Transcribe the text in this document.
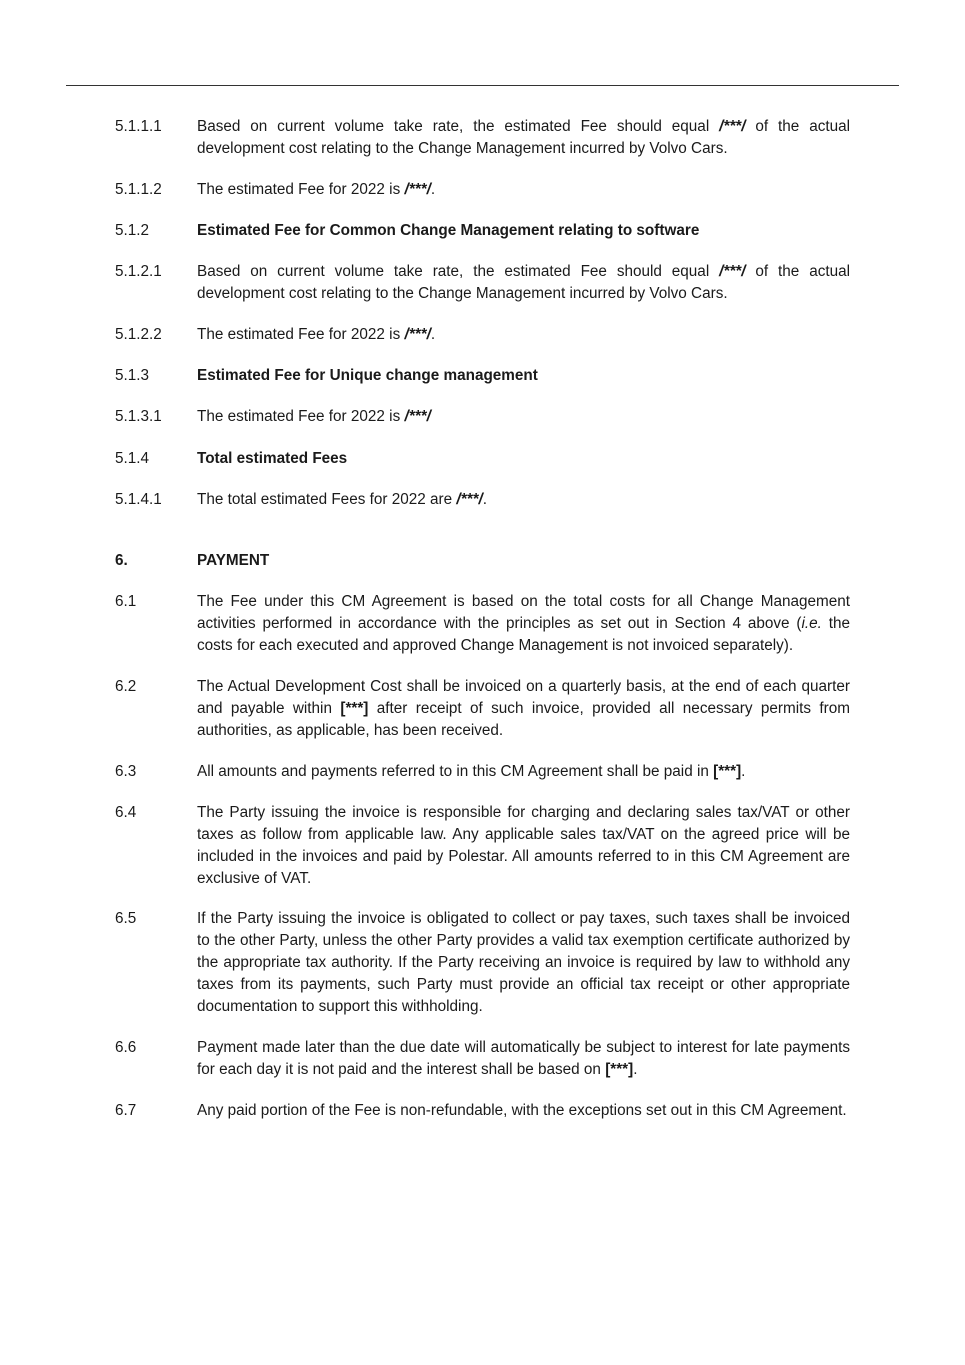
5.1.1.1 Based on current volume take rate, the estimated Fee should equal /***/ of the actual development cost relating to the Change Management incurred by Volvo Cars.
5.1.1.2 The estimated Fee for 2022 is /***/.
5.1.2	Estimated Fee for Common Change Management relating to software
5.1.2.1 Based on current volume take rate, the estimated Fee should equal /***/ of the actual development cost relating to the Change Management incurred by Volvo Cars.
5.1.2.2 The estimated Fee for 2022 is /***/.
5.1.3	Estimated Fee for Unique change management
5.1.3.1 The estimated Fee for 2022 is /***/
5.1.4	Total estimated Fees
5.1.4.1 The total estimated Fees for 2022 are /***/.
6.	PAYMENT
6.1	The Fee under this CM Agreement is based on the total costs for all Change Management activities performed in accordance with the principles as set out in Section 4 above (i.e. the costs for each executed and approved Change Management is not invoiced separately).
6.2	The Actual Development Cost shall be invoiced on a quarterly basis, at the end of each quarter and payable within [***] after receipt of such invoice, provided all necessary permits from authorities, as applicable, has been received.
6.3	All amounts and payments referred to in this CM Agreement shall be paid in [***].
6.4	The Party issuing the invoice is responsible for charging and declaring sales tax/VAT or other taxes as follow from applicable law. Any applicable sales tax/VAT on the agreed price will be included in the invoices and paid by Polestar. All amounts referred to in this CM Agreement are exclusive of VAT.
6.5	If the Party issuing the invoice is obligated to collect or pay taxes, such taxes shall be invoiced to the other Party, unless the other Party provides a valid tax exemption certificate authorized by the appropriate tax authority. If the Party receiving an invoice is required by law to withhold any taxes from its payments, such Party must provide an official tax receipt or other appropriate documentation to support this withholding.
6.6	Payment made later than the due date will automatically be subject to interest for late payments for each day it is not paid and the interest shall be based on [***].
6.7	Any paid portion of the Fee is non-refundable, with the exceptions set out in this CM Agreement.
